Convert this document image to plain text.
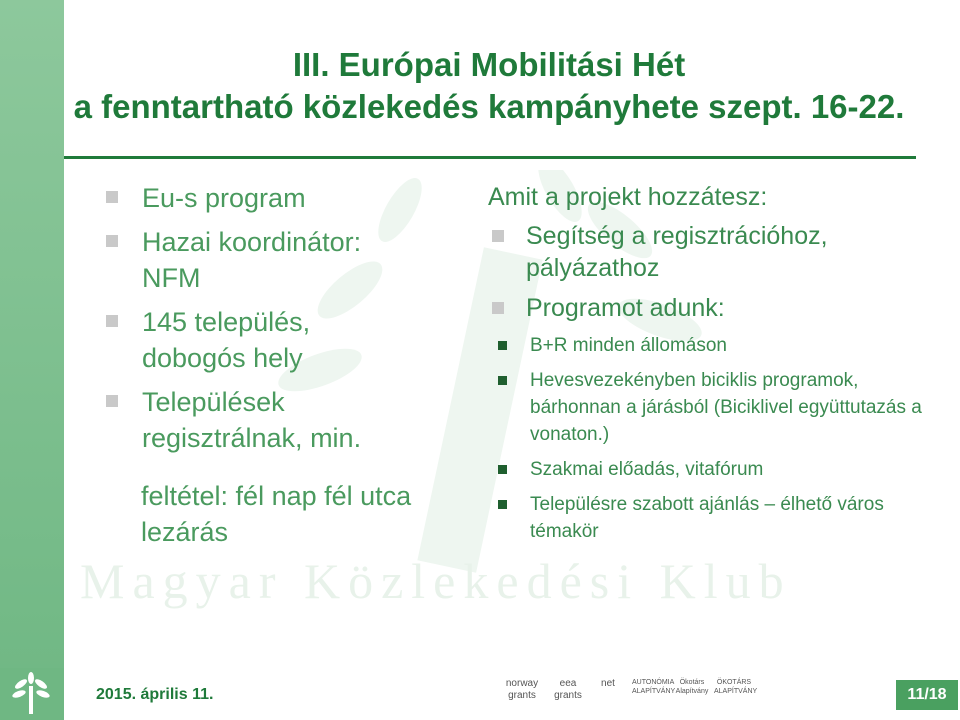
Magyar Közlekedési Klub
III. Európai Mobilitási Hét
a fenntartható közlekedés kampányhete szept. 16-22.
Eu-s program
Hazai koordinátor: NFM
145 település, dobogós hely
Települések regisztrálnak, min.
feltétel: fél nap fél utca lezárás
Amit a projekt hozzátesz:
Segítség a regisztrációhoz, pályázathoz
Programot adunk:
B+R minden állomáson
Hevesvezekényben biciklis programok, bárhonnan a járásból (Biciklivel együttutazás a vonaton.)
Szakmai előadás, vitafórum
Településre szabott ajánlás – élhető város témakör
2015. április 11.
norway grants
eea grants
net	AUTONÓMIA ALAPÍTVÁNY
Ökotárs Alapítvány
ÖKOTÁRS ALAPÍTVÁNY	11/18
